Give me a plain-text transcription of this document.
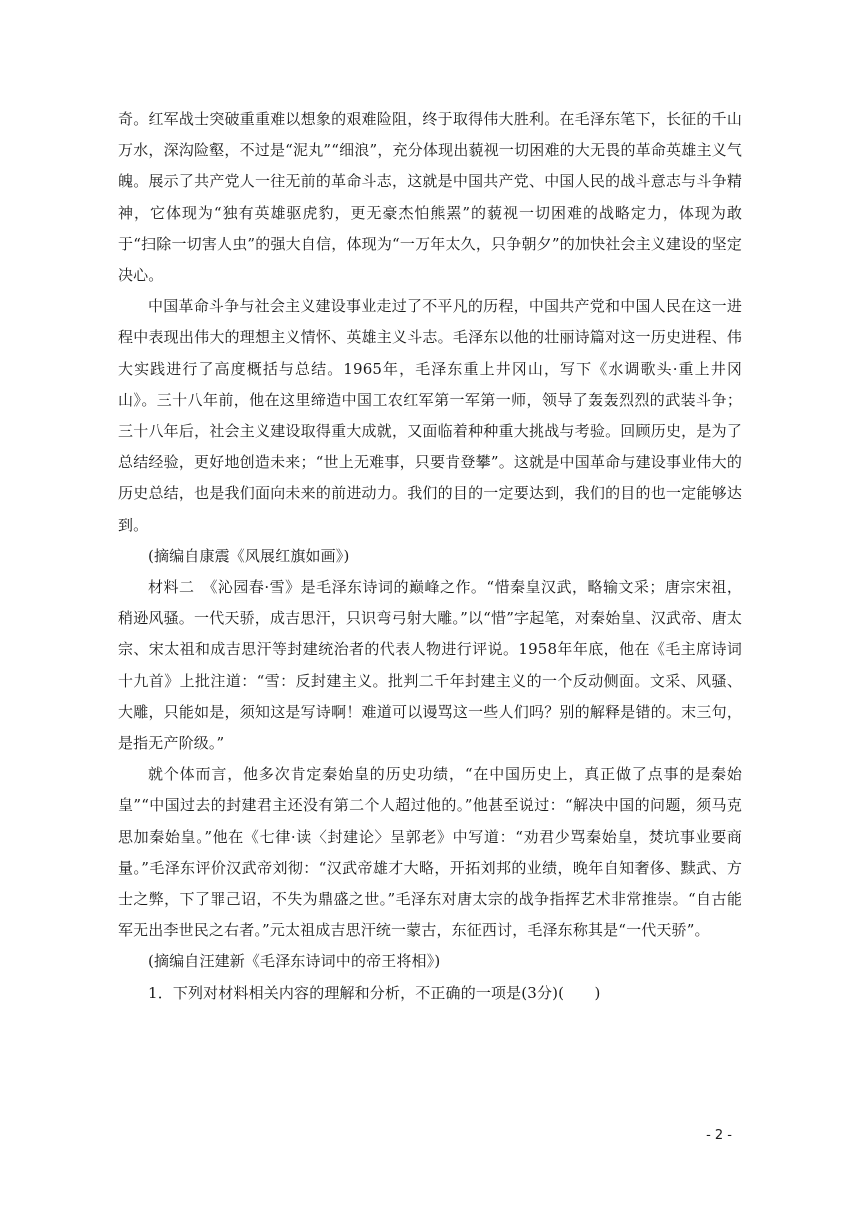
奇。红军战士突破重重难以想象的艰难险阻，终于取得伟大胜利。在毛泽东笔下，长征的千山万水，深沟险壑，不过是“泥丸”“细浪”，充分体现出藐视一切困难的大无畏的革命英雄主义气魄。展示了共产党人一往无前的革命斗志，这就是中国共产党、中国人民的战斗意志与斗争精神，它体现为“独有英雄驱虎豹，更无豪杰怕熊罴”的藐视一切困难的战略定力，体现为敢于“扫除一切害人虫”的强大自信，体现为“一万年太久，只争朝夕”的加快社会主义建设的坚定决心。

中国革命斗争与社会主义建设事业走过了不平凡的历程，中国共产党和中国人民在这一进程中表现出伟大的理想主义情怀、英雄主义斗志。毛泽东以他的壮丽诗篇对这一历史进程、伟大实践进行了高度概括与总结。1965年，毛泽东重上井冈山，写下《水调歌头·重上井冈山》。三十八年前，他在这里缔造中国工农红军第一军第一师，领导了轰轰烈烈的武装斗争；三十八年后，社会主义建设取得重大成就，又面临着种种重大挑战与考验。回顾历史，是为了总结经验，更好地创造未来；“世上无难事，只要肯登攀”。这就是中国革命与建设事业伟大的历史总结，也是我们面向未来的前进动力。我们的目的一定要达到，我们的目的也一定能够达到。

(摘编自康震《风展红旗如画》)

材料二　《沁园春·雪》是毛泽东诗词的巅峰之作。“惜秦皇汉武，略输文采；唐宗宋祖，稍逊风骚。一代天骄，成吉思汗，只识弯弓射大雕。”以“惜”字起笔，对秦始皇、汉武帝、唐太宗、宋太祖和成吉思汗等封建统治者的代表人物进行评说。1958年年底，他在《毛主席诗词十九首》上批注道：“雪：反封建主义。批判二千年封建主义的一个反动侧面。文采、风骚、大雕，只能如是，须知这是写诗啊！难道可以谩骂这一些人们吗？别的解释是错的。末三句，是指无产阶级。”

就个体而言，他多次肯定秦始皇的历史功绩，“在中国历史上，真正做了点事的是秦始皇”“中国过去的封建君主还没有第二个人超过他的。”他甚至说过：“解决中国的问题，须马克思加秦始皇。”他在《七律·读〈封建论〉呈郭老》中写道：“劝君少骂秦始皇，焚坑事业要商量。”毛泽东评价汉武帝刘彻：“汉武帝雄才大略，开拓刘邦的业绩，晚年自知奢侈、黩武、方士之弊，下了罪己诏，不失为鼎盛之世。”毛泽东对唐太宗的战争指挥艺术非常推崇。“自古能军无出李世民之右者。”元太祖成吉思汗统一蒙古，东征西讨，毛泽东称其是“一代天骄”。

(摘编自汪建新《毛泽东诗词中的帝王将相》)

1．下列对材料相关内容的理解和分析，不正确的一项是(3分)(　　)

- 2 -
